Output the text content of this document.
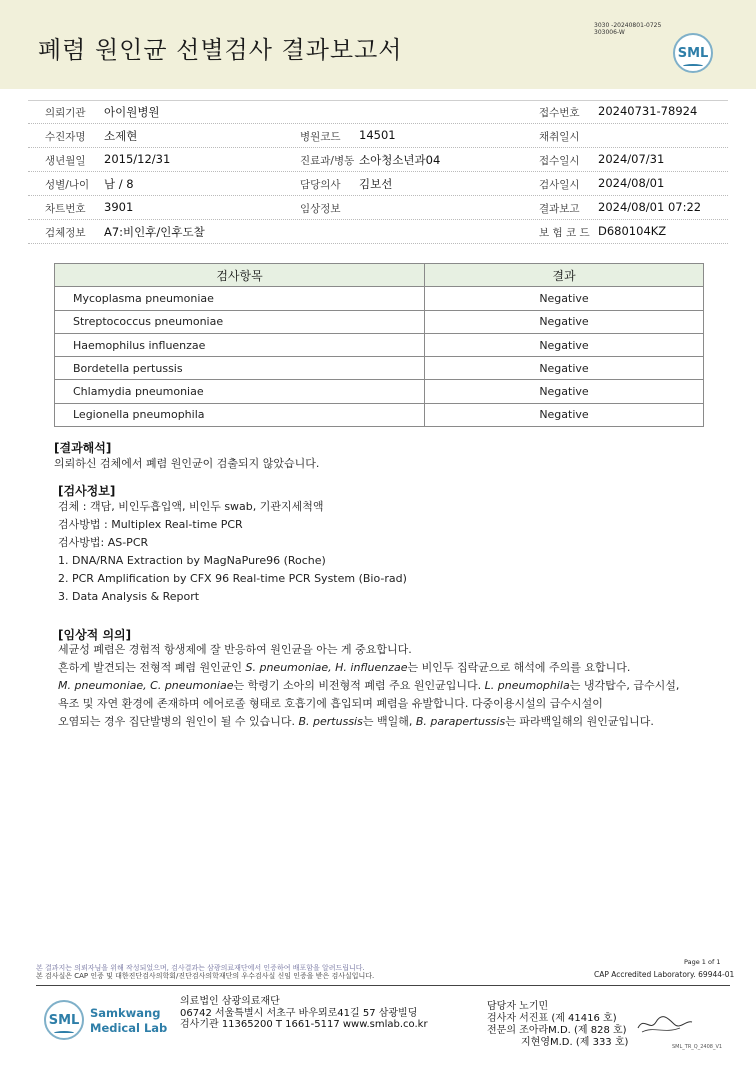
폐렴 원인균 선별검사 결과보고서
3030 -20240801-0725
303006-W
SML
의뢰기관 아이원병원	접수번호 20240731-78924
수진자명 소제현	병원코드 14501	채취일시
생년월일 2015/12/31	진료과/병동 소아청소년과04	접수일시 2024/07/31
성별/나이 남 / 8	담당의사 김보선	검사일시 2024/08/01
차트번호 3901	임상정보	결과보고 2024/08/01 07:22
검체정보 A7:비인후/인후도찰	보 험 코 드 D680104KZ
검사항목	결과
Mycoplasma pneumoniae	Negative
Streptococcus pneumoniae	Negative
Haemophilus influenzae	Negative
Bordetella pertussis	Negative
Chlamydia pneumoniae	Negative
Legionella pneumophila	Negative
[결과해석]
의뢰하신 검체에서 폐렴 원인균이 검출되지 않았습니다.
[검사정보]
검체 : 객담, 비인두흡입액, 비인두 swab, 기관지세척액
검사방법 : Multiplex Real-time PCR
검사방법: AS-PCR
1. DNA/RNA Extraction by MagNaPure96 (Roche)
2. PCR Amplification by CFX 96 Real-time PCR System (Bio-rad)
3. Data Analysis & Report
[임상적 의의]
세균성 폐렴은 경험적 항생제에 잘 반응하여 원인균을 아는 게 중요합니다.
흔하게 발견되는 전형적 폐렴 원인균인 S. pneumoniae, H. influenzae는 비인두 집락균으로 해석에 주의를 요합니다.
M. pneumoniae, C. pneumoniae는 학령기 소아의 비전형적 폐렴 주요 원인균입니다. L. pneumophila는 냉각탑수, 급수시설,
욕조 및 자연 환경에 존재하며 에어로졸 형태로 호흡기에 흡입되며 폐렴을 유발합니다. 다중이용시설의 급수시설이
오염되는 경우 집단발병의 원인이 될 수 있습니다. B. pertussis는 백일해, B. parapertussis는 파라백일해의 원인균입니다.
Page 1 of 1
본 결과지는 의뢰자님을 위해 작성되었으며, 검사결과는 삼광의료재단에서 인증하여 배포함을 알려드립니다.
본 검사실은 CAP 인증 및 대한진단검사의학회/진단검사의학재단의 우수검사실 신임 인증을 받은 검사실입니다.	CAP Accredited Laboratory. 69944-01
SML Samkwang
Medical Lab
의료법인 삼광의료재단
06742 서울특별시 서초구 바우뫼로41길 57 삼광빌딩
검사기관 11365200 T 1661-5117 www.smlab.co.kr
담당자 노기민
검사자 서진표 (제 41416 호)
전문의 조아라M.D. (제 828 호)
지현영M.D. (제 333 호)	SML_TR_Q_2408_V1
